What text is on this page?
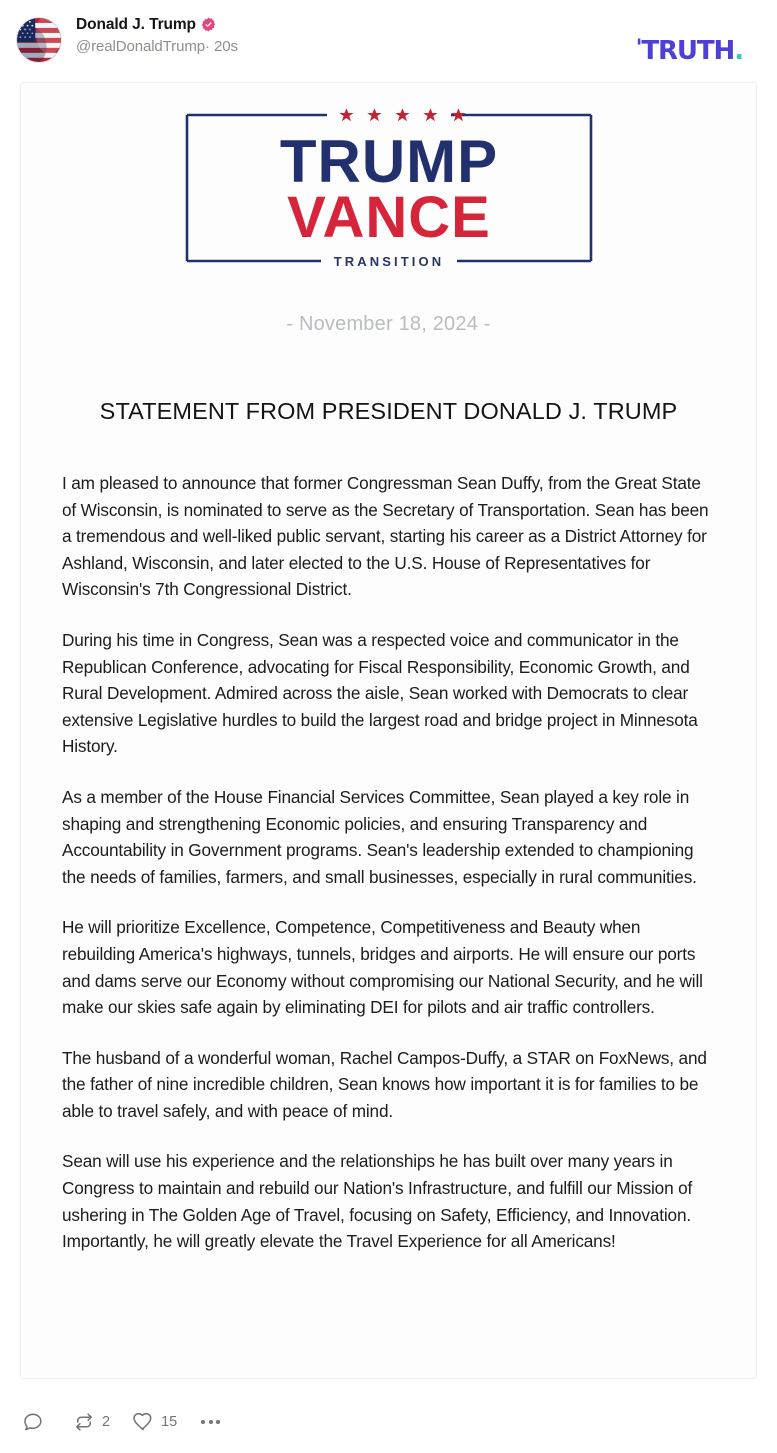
Donald J. Trump
@realDonaldTrump· 20s	'TRUTH.
TRUMP
VANCE
TRANSITION
- November 18, 2024 -
STATEMENT FROM PRESIDENT DONALD J. TRUMP

I am pleased to announce that former Congressman Sean Duffy, from the Great State of Wisconsin, is nominated to serve as the Secretary of Transportation. Sean has been a tremendous and well-liked public servant, starting his career as a District Attorney for Ashland, Wisconsin, and later elected to the U.S. House of Representatives for Wisconsin's 7th Congressional District.

During his time in Congress, Sean was a respected voice and communicator in the Republican Conference, advocating for Fiscal Responsibility, Economic Growth, and Rural Development. Admired across the aisle, Sean worked with Democrats to clear extensive Legislative hurdles to build the largest road and bridge project in Minnesota History.

As a member of the House Financial Services Committee, Sean played a key role in shaping and strengthening Economic policies, and ensuring Transparency and Accountability in Government programs. Sean's leadership extended to championing the needs of families, farmers, and small businesses, especially in rural communities.

He will prioritize Excellence, Competence, Competitiveness and Beauty when rebuilding America's highways, tunnels, bridges and airports. He will ensure our ports and dams serve our Economy without compromising our National Security, and he will make our skies safe again by eliminating DEI for pilots and air traffic controllers.

The husband of a wonderful woman, Rachel Campos-Duffy, a STAR on FoxNews, and the father of nine incredible children, Sean knows how important it is for families to be able to travel safely, and with peace of mind.

Sean will use his experience and the relationships he has built over many years in Congress to maintain and rebuild our Nation's Infrastructure, and fulfill our Mission of ushering in The Golden Age of Travel, focusing on Safety, Efficiency, and Innovation. Importantly, he will greatly elevate the Travel Experience for all Americans!

2	15
